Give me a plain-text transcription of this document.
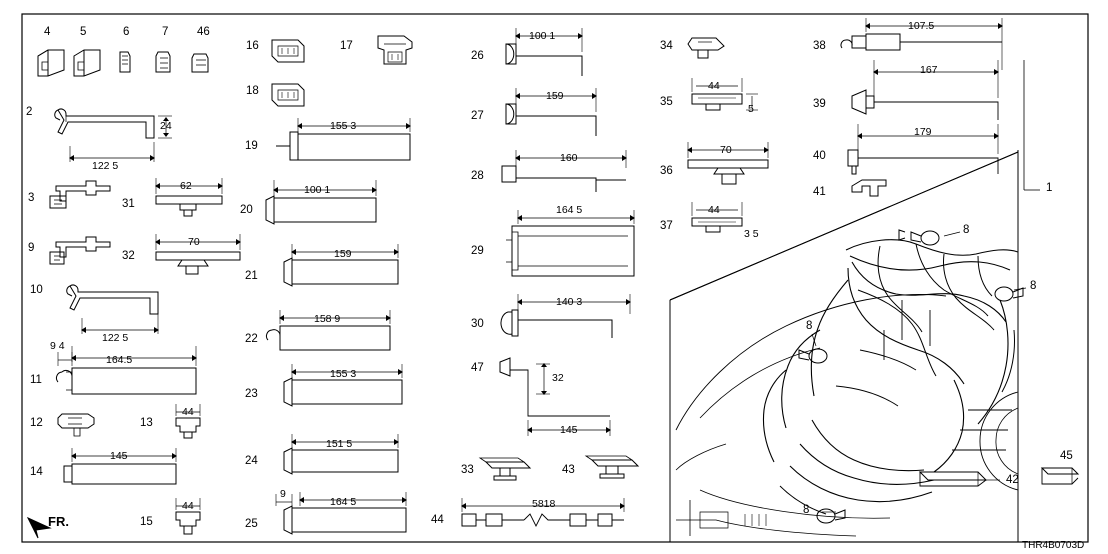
4	5	6	7 46
2
24
122 5
3
9
10
122 5
11
9 4
164.5
12	13
44
14
145
15
44
16
18
17
19
155 3
20
100 1
21
159
22
158 9
23
155 3
24
151 5
25
9
164 5
26
100 1
27
159
28
160
29
164 5
30
140 3
31
62
32
70
33	43
34
35
44
5
36
70
37
44
3 5
38
107.5
39
167
40
179
41	1
42
45
44
5818
47
32
145
8
8
8
8
FR.
THR4B0703D
